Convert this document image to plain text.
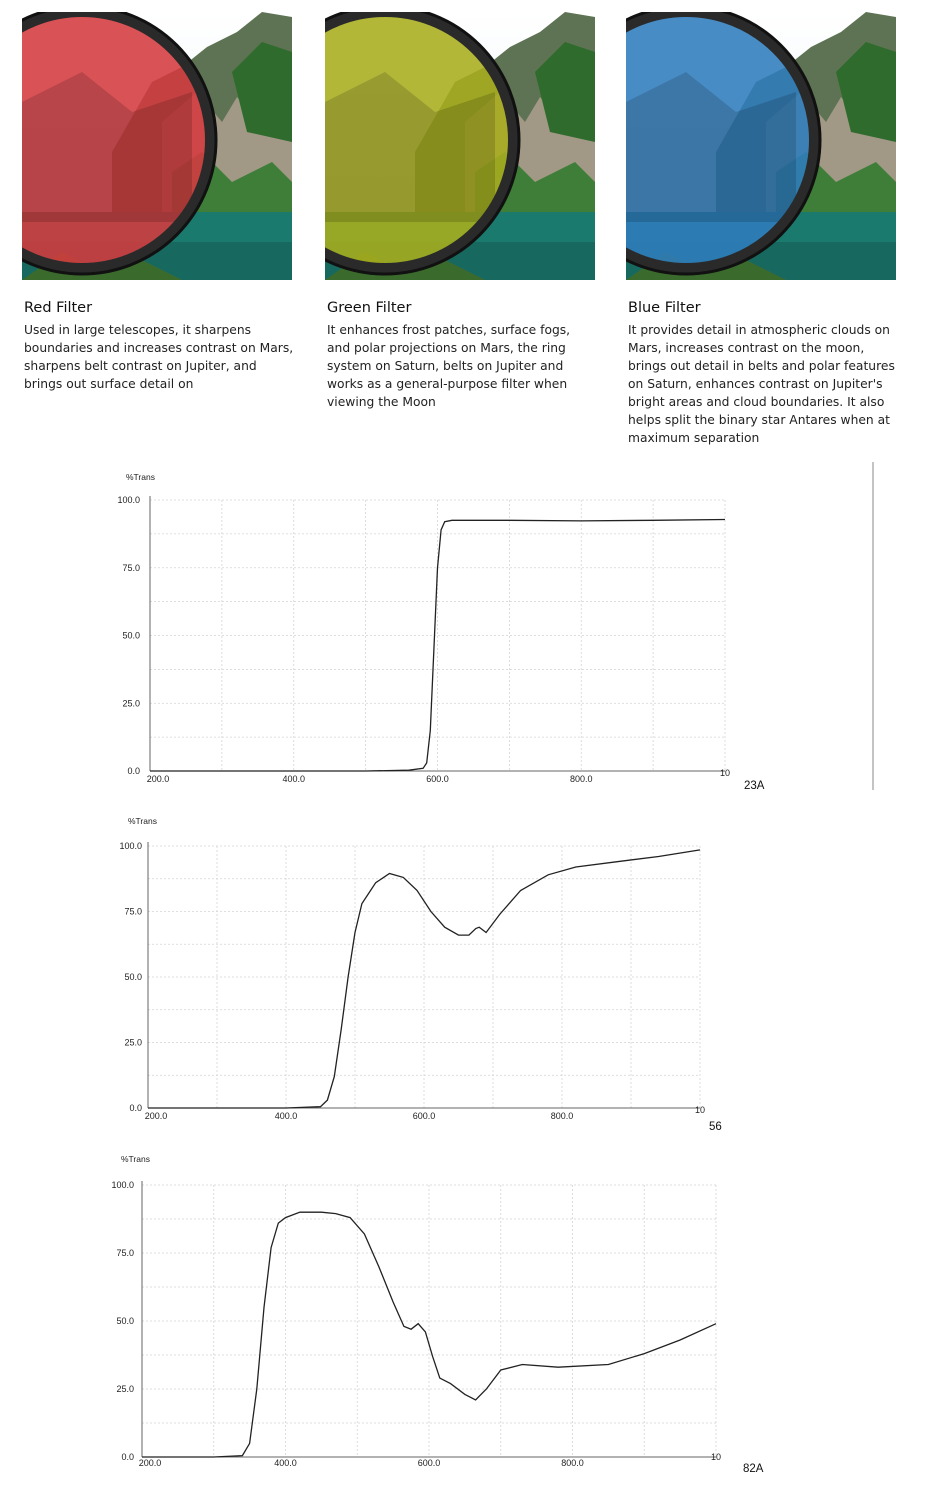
Red Filter
Used in large telescopes, it sharpens boundaries and increases contrast on Mars, sharpens belt contrast on Jupiter, and brings out surface detail on
Green Filter
It enhances frost patches, surface fogs, and polar projections on Mars, the ring system on Saturn, belts on Jupiter and works as a general-purpose filter when viewing the Moon
Blue Filter
It provides detail in atmospheric clouds on Mars, increases contrast on the moon, brings out detail in belts and polar features on Saturn, enhances contrast on Jupiter's bright areas and cloud boundaries. It also helps split the binary star Antares when at maximum separation
%Trans
100.0
75.0
50.0
25.0
0.0
200.0	400.0	600.0	800.0
10
23A
%Trans
100.0
75.0
50.0
25.0
0.0
200.0	400.0	600.0	800.0
10
56
%Trans
100.0
75.0
50.0
25.0
0.0
200.0	400.0	600.0	800.0
10
82A
